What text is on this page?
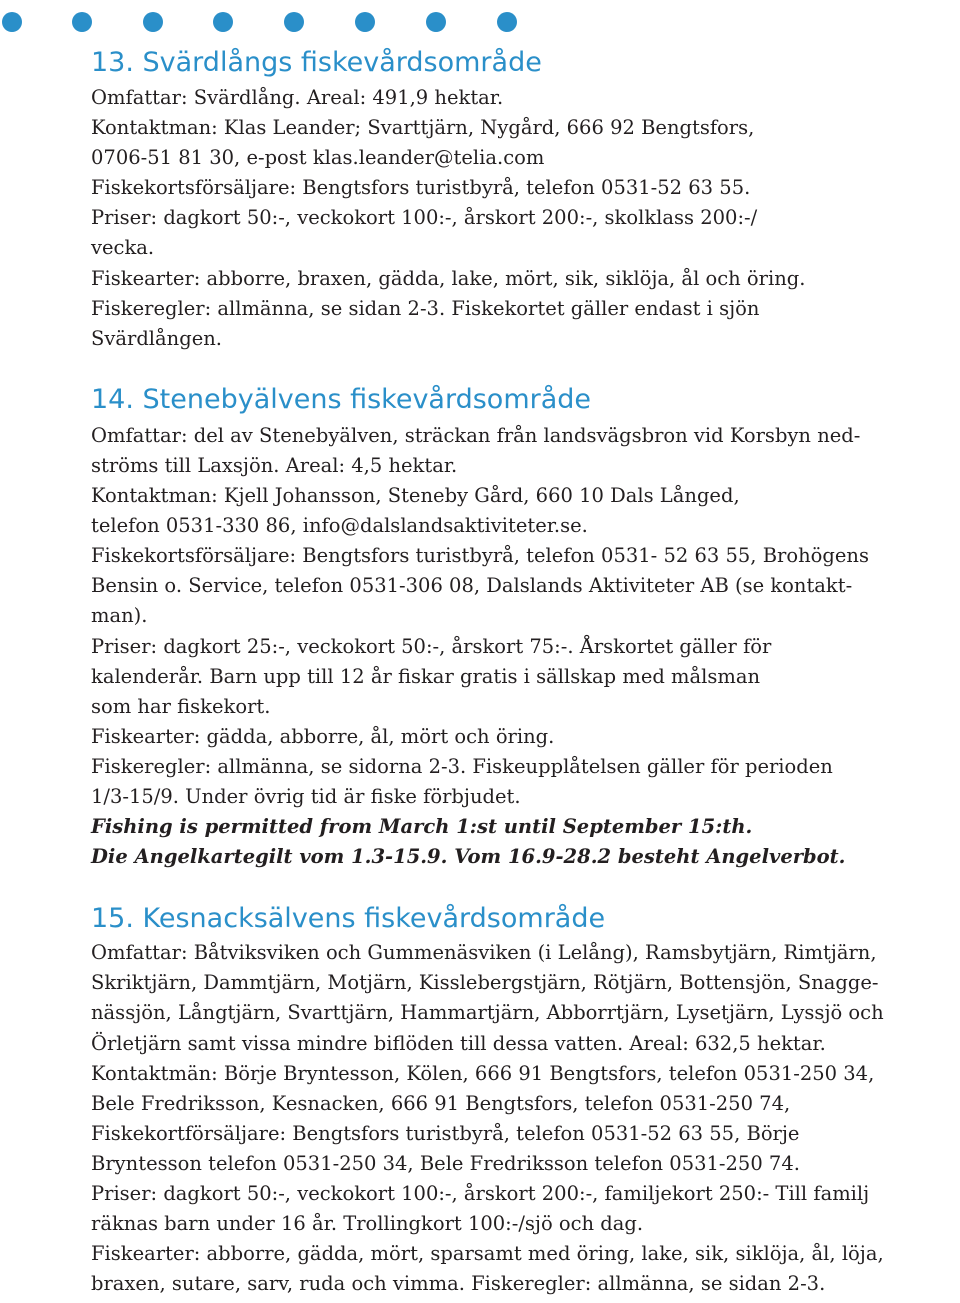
13. Svärdlångs fiskevårdsområde
Omfattar: Svärdlång. Areal: 491,9 hektar.
Kontaktman: Klas Leander; Svarttjärn, Nygård, 666 92 Bengtsfors,
0706-51 81 30, e-post klas.leander@telia.com
Fiskekortsförsäljare: Bengtsfors turistbyrå, telefon 0531-52 63 55.
Priser: dagkort 50:-, veckokort 100:-, årskort 200:-, skolklass 200:-/
vecka.
Fiskearter: abborre, braxen, gädda, lake, mört, sik, siklöja, ål och öring.
Fiskeregler: allmänna, se sidan 2-3. Fiskekortet gäller endast i sjön
Svärdlången.
14. Stenebyälvens fiskevårdsområde
Omfattar: del av Stenebyälven, sträckan från landsvägsbron vid Korsbyn ned-
ströms till Laxsjön. Areal: 4,5 hektar.
Kontaktman: Kjell Johansson, Steneby Gård, 660 10 Dals Långed,
telefon 0531-330 86, info@dalslandsaktiviteter.se.
Fiskekortsförsäljare: Bengtsfors turistbyrå, telefon 0531- 52 63 55, Brohögens
Bensin o. Service, telefon 0531-306 08, Dalslands Aktiviteter AB (se kontakt-
man).
Priser: dagkort 25:-, veckokort 50:-, årskort 75:-. Årskortet gäller för
kalenderår. Barn upp till 12 år fiskar gratis i sällskap med målsman
som har fiskekort.
Fiskearter: gädda, abborre, ål, mört och öring.
Fiskeregler: allmänna, se sidorna 2-3. Fiskeupplåtelsen gäller för perioden
1/3-15/9. Under övrig tid är fiske förbjudet.
Fishing is permitted from March 1:st until September 15:th.
Die Angelkartegilt vom 1.3-15.9. Vom 16.9-28.2 besteht Angelverbot.
15. Kesnacksälvens fiskevårdsområde
Omfattar: Båtviksviken och Gummenäsviken (i Lelång), Ramsbytjärn, Rimtjärn,
Skriktjärn, Dammtjärn, Motjärn, Kisslebergstjärn, Rötjärn, Bottensjön, Snagge-
nässjön, Långtjärn, Svarttjärn, Hammartjärn, Abborrtjärn, Lysetjärn, Lyssjö och
Örletjärn samt vissa mindre biflöden till dessa vatten. Areal: 632,5 hektar.
Kontaktmän: Börje Bryntesson, Kölen, 666 91 Bengtsfors, telefon 0531-250 34,
Bele Fredriksson, Kesnacken, 666 91 Bengtsfors, telefon 0531-250 74,
Fiskekortförsäljare: Bengtsfors turistbyrå, telefon 0531-52 63 55, Börje
Bryntesson telefon 0531-250 34, Bele Fredriksson telefon 0531-250 74.
Priser: dagkort 50:-, veckokort 100:-, årskort 200:-, familjekort 250:- Till familj
räknas barn under 16 år. Trollingkort 100:-/sjö och dag.
Fiskearter: abborre, gädda, mört, sparsamt med öring, lake, sik, siklöja, ål, löja,
braxen, sutare, sarv, ruda och vimma. Fiskeregler: allmänna, se sidan 2-3.
